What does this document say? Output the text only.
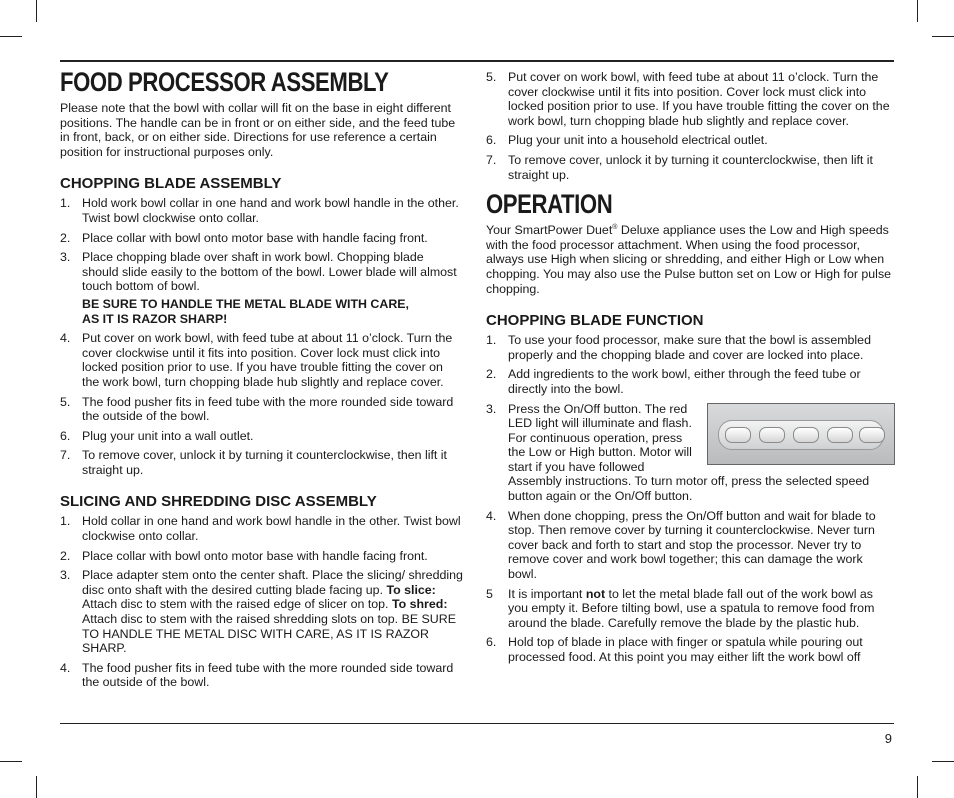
FOOD PROCESSOR ASSEMBLY

Please note that the bowl with collar will fit on the base in eight different positions. The handle can be in front or on either side, and the feed tube in front, back, or on either side. Directions for use reference a certain position for instructional purposes only.

CHOPPING BLADE ASSEMBLY
1. Hold work bowl collar in one hand and work bowl handle in the other. Twist bowl clockwise onto collar.
2. Place collar with bowl onto motor base with handle facing front.
3. Place chopping blade over shaft in work bowl. Chopping blade should slide easily to the bottom of the bowl. Lower blade will almost touch bottom of bowl.

BE SURE TO HANDLE THE METAL BLADE WITH CARE,
AS IT IS RAZOR SHARP!

4. Put cover on work bowl, with feed tube at about 11 o’clock. Turn the cover clockwise until it fits into position. Cover lock must click into locked position prior to use. If you have trouble fitting the cover on the work bowl, turn chopping blade hub slightly and replace cover.
5. The food pusher fits in feed tube with the more rounded side toward the outside of the bowl.
6. Plug your unit into a wall outlet.
7. To remove cover, unlock it by turning it counterclockwise, then lift it straight up.
SLICING AND SHREDDING DISC ASSEMBLY
1. Hold collar in one hand and work bowl handle in the other. Twist bowl clockwise onto collar.
2. Place collar with bowl onto motor base with handle facing front.
3. Place adapter stem onto the center shaft. Place the slicing/ shredding disc onto shaft with the desired cutting blade facing up. To slice: Attach disc to stem with the raised edge of slicer on top. To shred: Attach disc to stem with the raised shredding slots on top. BE SURE TO HANDLE THE METAL DISC WITH CARE, AS IT IS RAZOR SHARP.
4. The food pusher fits in feed tube with the more rounded side toward the outside of the bowl.
5. Put cover on work bowl, with feed tube at about 11 o’clock. Turn the cover clockwise until it fits into position. Cover lock must click into locked position prior to use. If you have trouble fitting the cover on the work bowl, turn chopping blade hub slightly and replace cover.
6. Plug your unit into a household electrical outlet.
7. To remove cover, unlock it by turning it counterclockwise, then lift it straight up.
OPERATION

Your SmartPower Duet® Deluxe appliance uses the Low and High speeds with the food processor attachment. When using the food processor, always use High when slicing or shredding, and either High or Low when chopping. You may also use the Pulse button set on Low or High for pulse chopping.

CHOPPING BLADE FUNCTION
1. To use your food processor, make sure that the bowl is assembled properly and the chopping blade and cover are locked into place.
2. Add ingredients to the work bowl, either through the feed tube or directly into the bowl.
3. Press the On/Off button. The red LED light will illuminate and flash. For continuous operation, press the Low or High button. Motor will start if you have followed Assembly instructions. To turn motor off, press the selected speed button again or the On/Off button.
4. When done chopping, press the On/Off button and wait for blade to stop. Then remove cover by turning it counterclockwise. Never turn cover back and forth to start and stop the processor. Never try to remove cover and work bowl together; this can damage the work bowl.
5 It is important not to let the metal blade fall out of the work bowl as you empty it. Before tilting bowl, use a spatula to remove food from around the blade. Carefully remove the blade by the plastic hub.
6. Hold top of blade in place with finger or spatula while pouring out processed food. At this point you may either lift the work bowl off
9
